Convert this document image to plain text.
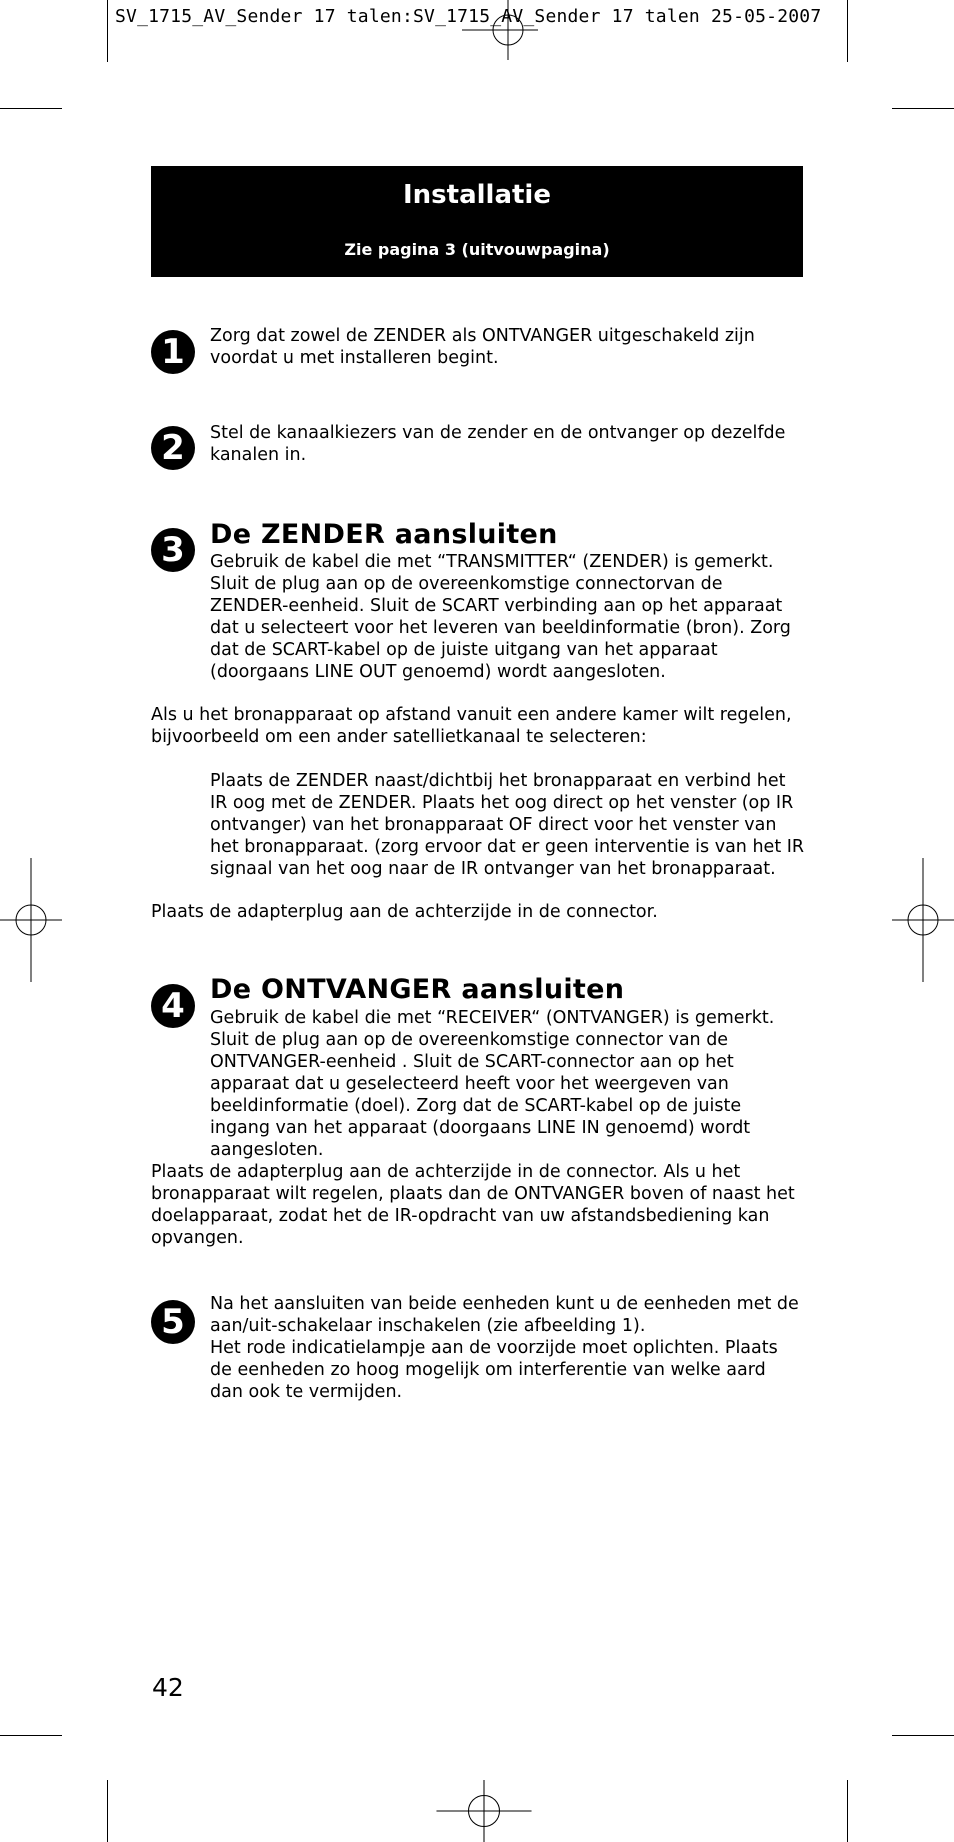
SV_1715_AV_Sender 17 talen:SV_1715_AV_Sender 17 talen 25-05-2007
Installatie
Zie pagina 3 (uitvouwpagina)
1	Zorg dat zowel de ZENDER als ONTVANGER uitgeschakeld zijn voordat u met installeren begint.

2	Stel de kanaalkiezers van de zender en de ontvanger op dezelfde kanalen in.

3 De ZENDER aansluiten

Gebruik de kabel die met “TRANSMITTER“ (ZENDER) is gemerkt. Sluit de plug aan op de overeenkomstige connectorvan de ZENDER-eenheid. Sluit de SCART verbinding aan op het apparaat dat u selecteert voor het leveren van beeldinformatie (bron). Zorg dat de SCART-kabel op de juiste uitgang van het apparaat (doorgaans LINE OUT genoemd) wordt aangesloten.

Als u het bronapparaat op afstand vanuit een andere kamer wilt regelen, bijvoorbeeld om een ander satellietkanaal te selecteren:

Plaats de ZENDER naast/dichtbij het bronapparaat en verbind het IR oog met de ZENDER. Plaats het oog direct op het venster (op IR ontvanger) van het bronapparaat OF direct voor het venster van het bronapparaat. (zorg ervoor dat er geen interventie is van het IR signaal van het oog naar de IR ontvanger van het bronapparaat.

Plaats de adapterplug aan de achterzijde in de connector.

4 De ONTVANGER aansluiten

Gebruik de kabel die met “RECEIVER“ (ONTVANGER) is gemerkt. Sluit de plug aan op de overeenkomstige connector van de ONTVANGER-eenheid . Sluit de SCART-connector aan op het apparaat dat u geselecteerd heeft voor het weergeven van beeldinformatie (doel). Zorg dat de SCART-kabel op de juiste ingang van het apparaat (doorgaans LINE IN genoemd) wordt aangesloten.

Plaats de adapterplug aan de achterzijde in de connector. Als u het bronapparaat wilt regelen, plaats dan de ONTVANGER boven of naast het doelapparaat, zodat het de IR-opdracht van uw afstandsbediening kan opvangen.

5	Na het aansluiten van beide eenheden kunt u de eenheden met de aan/uit-schakelaar inschakelen (zie afbeelding 1).

Het rode indicatielampje aan de voorzijde moet oplichten. Plaats de eenheden zo hoog mogelijk om interferentie van welke aard dan ook te vermijden.

42
